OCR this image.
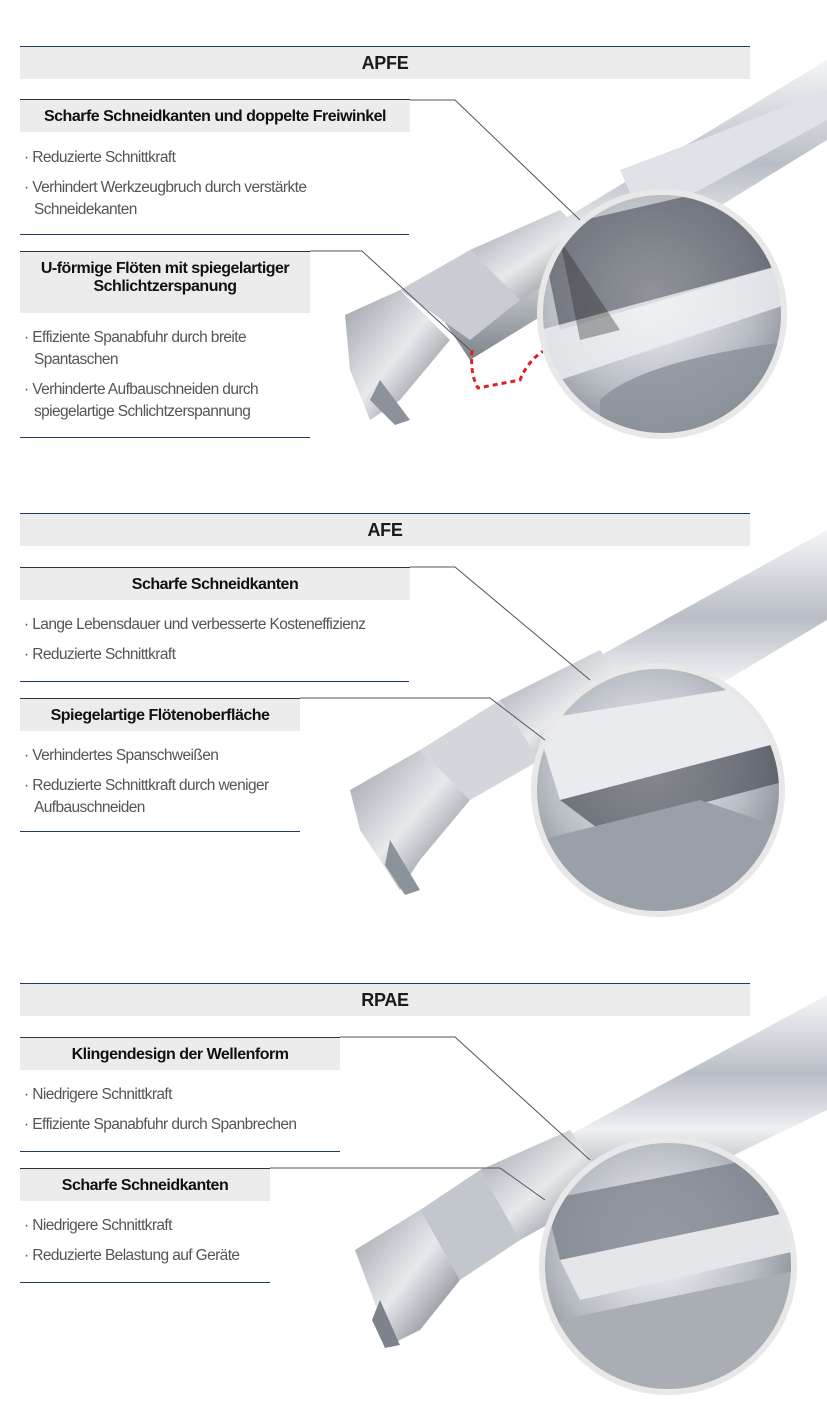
APFE
Scharfe Schneidkanten und doppelte Freiwinkel
· Reduzierte Schnittkraft
· Verhindert Werkzeugbruch durch verstärkte Schneidekanten
U-förmige Flöten mit spiegelartiger Schlichtzerspanung
· Effiziente Spanabfuhr durch breite Spantaschen
· Verhinderte Aufbauschneiden durch spiegelartige Schlichtzerspannung
AFE
Scharfe Schneidkanten
· Lange Lebensdauer und verbesserte Kosteneffizienz
· Reduzierte Schnittkraft
Spiegelartige Flötenoberfläche
· Verhindertes Spanschweißen
· Reduzierte Schnittkraft durch weniger Aufbauschneiden
RPAE
Klingendesign der Wellenform
· Niedrigere Schnittkraft
· Effiziente Spanabfuhr durch Spanbrechen
Scharfe Schneidkanten
· Niedrigere Schnittkraft
· Reduzierte Belastung auf Geräte
